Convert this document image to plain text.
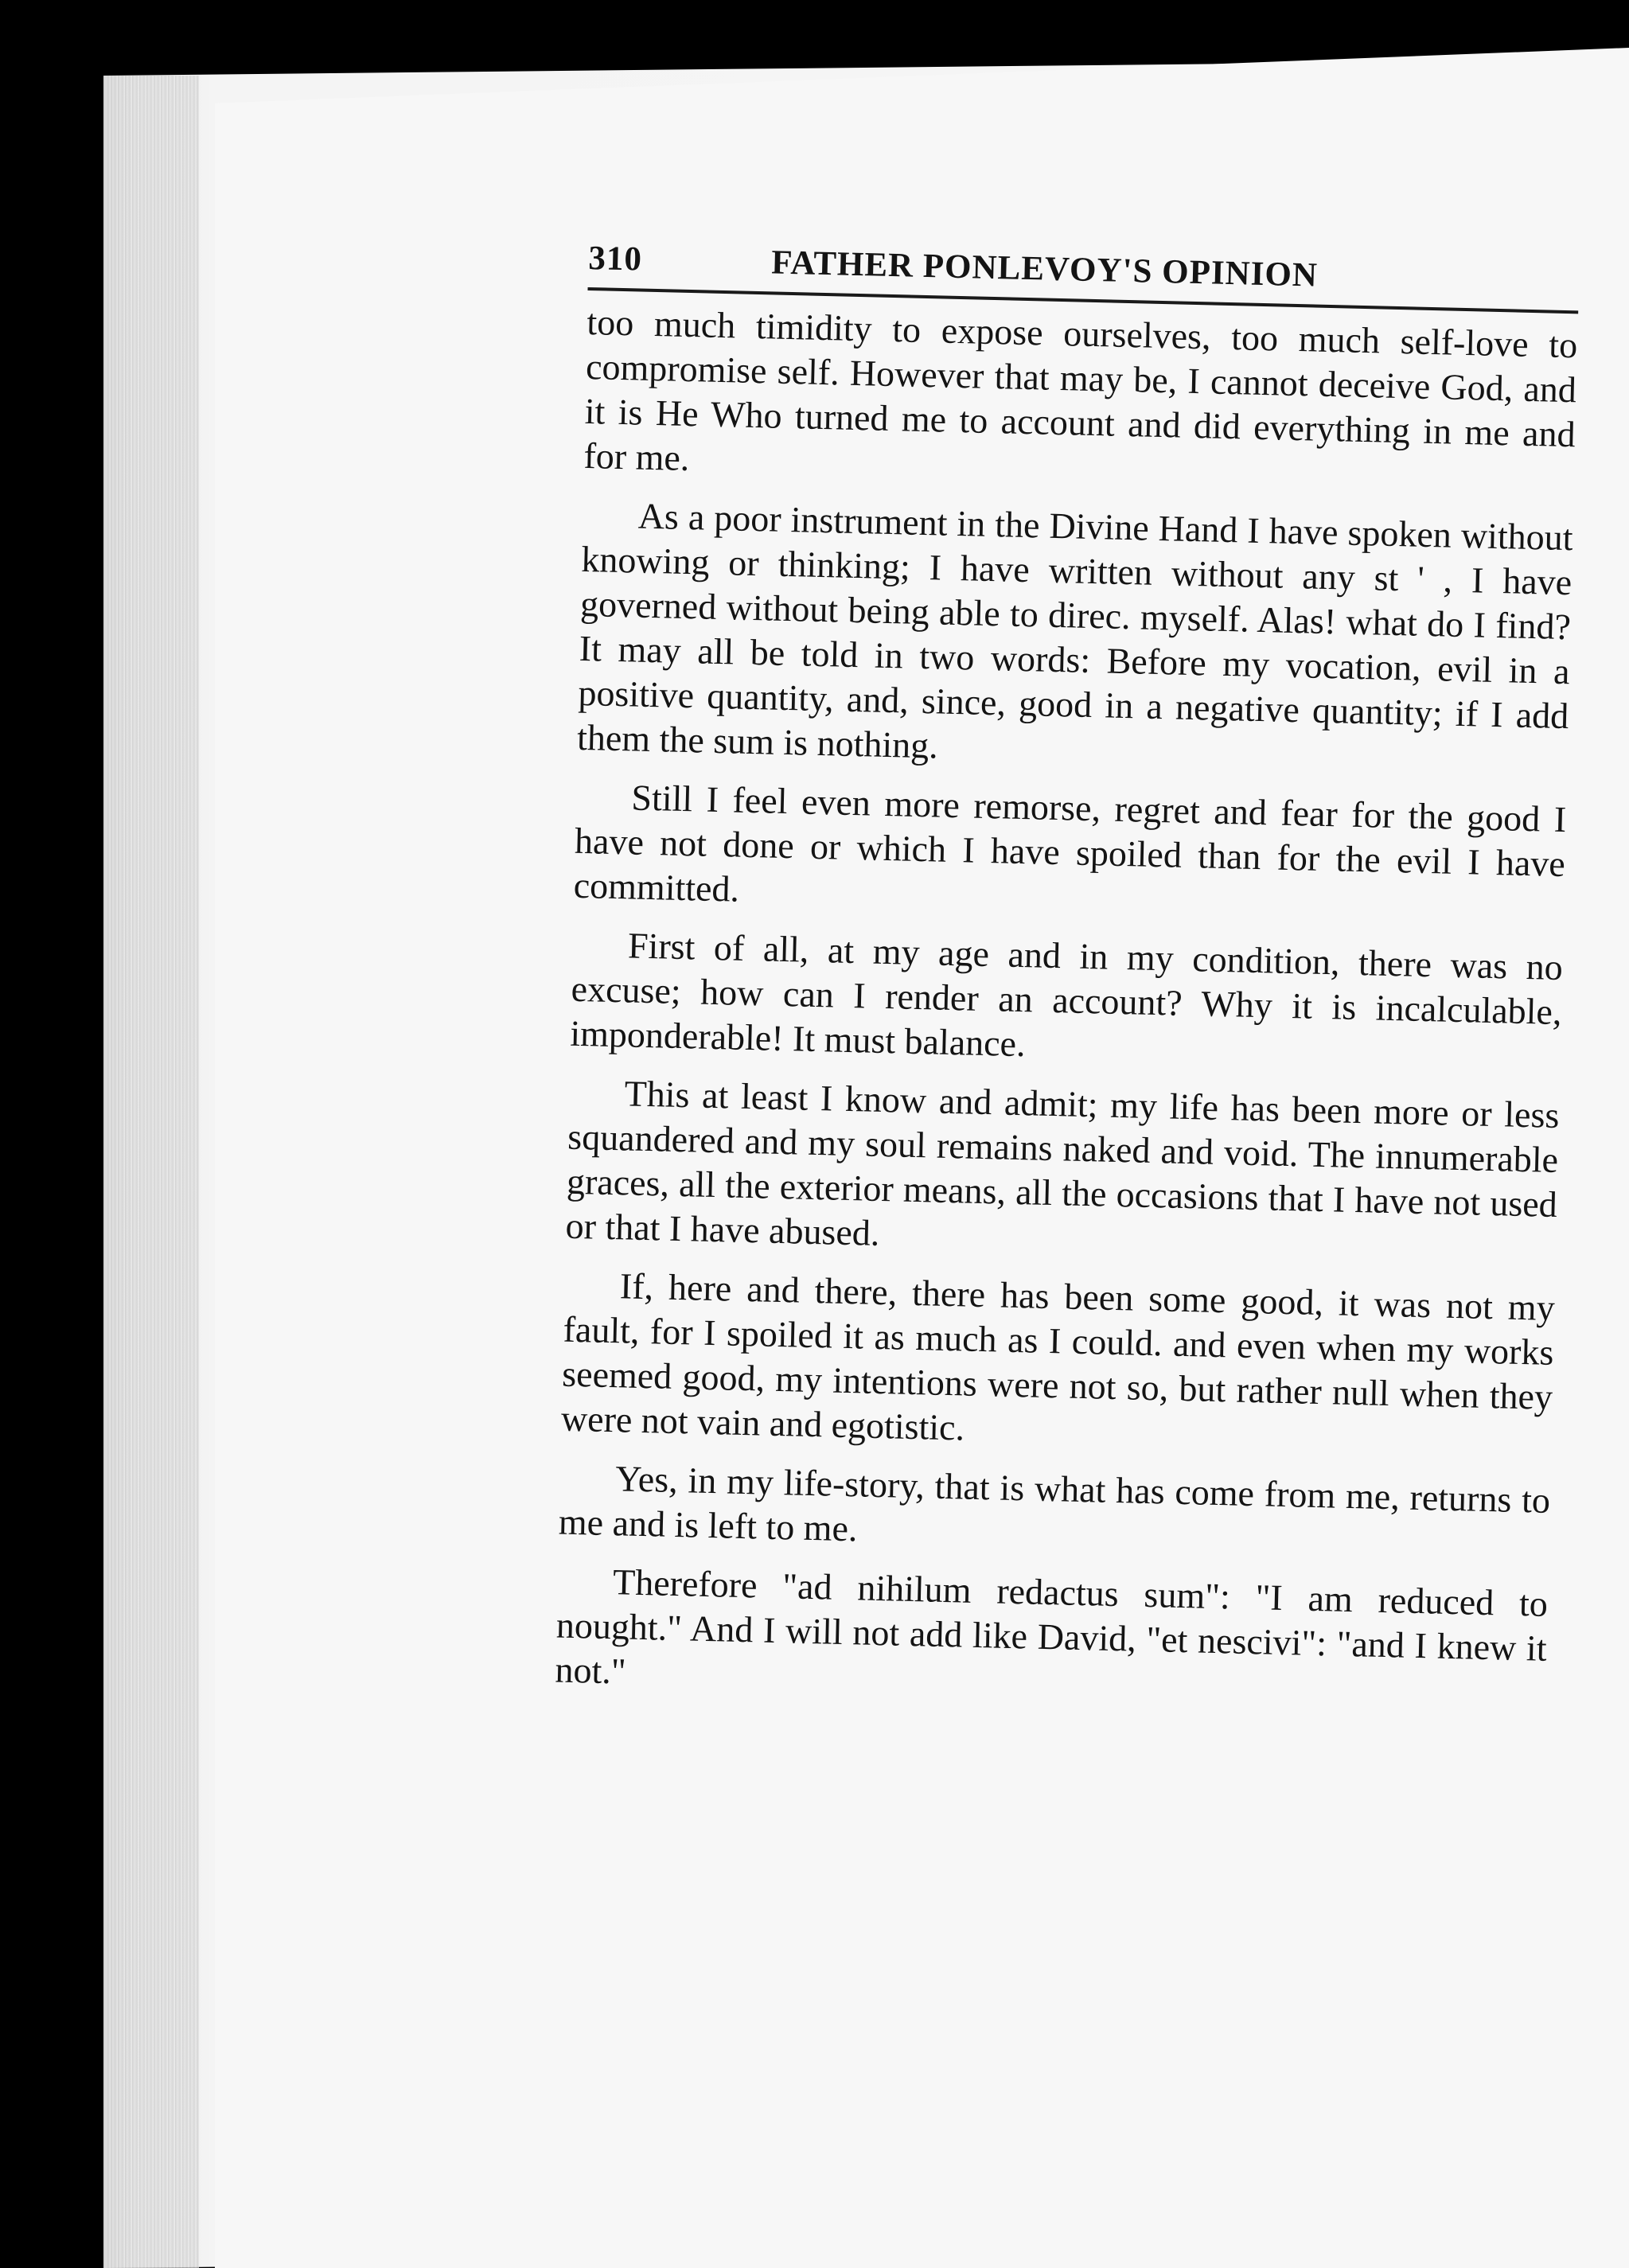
310	FATHER PONLEVOY'S OPINION

too much timidity to expose ourselves, too much self-love to compromise self. However that may be, I cannot deceive God, and it is He Who turned me to account and did everything in me and for me.

As a poor instrument in the Divine Hand I have spoken without knowing or thinking; I have written without any st ' , I have governed without being able to direc. myself. Alas! what do I find? It may all be told in two words: Before my vocation, evil in a positive quantity, and, since, good in a negative quantity; if I add them the sum is nothing.

Still I feel even more remorse, regret and fear for the good I have not done or which I have spoiled than for the evil I have committed.

First of all, at my age and in my condition, there was no excuse; how can I render an account? Why it is incalculable, imponderable! It must balance.

This at least I know and admit; my life has been more or less squandered and my soul remains naked and void. The innumerable graces, all the exterior means, all the occasions that I have not used or that I have abused.

If, here and there, there has been some good, it was not my fault, for I spoiled it as much as I could. and even when my works seemed good, my intentions were not so, but rather null when they were not vain and egotistic.

Yes, in my life-story, that is what has come from me, returns to me and is left to me.

Therefore "ad nihilum redactus sum": "I am reduced to nought." And I will not add like David, "et nescivi": "and I knew it not."
